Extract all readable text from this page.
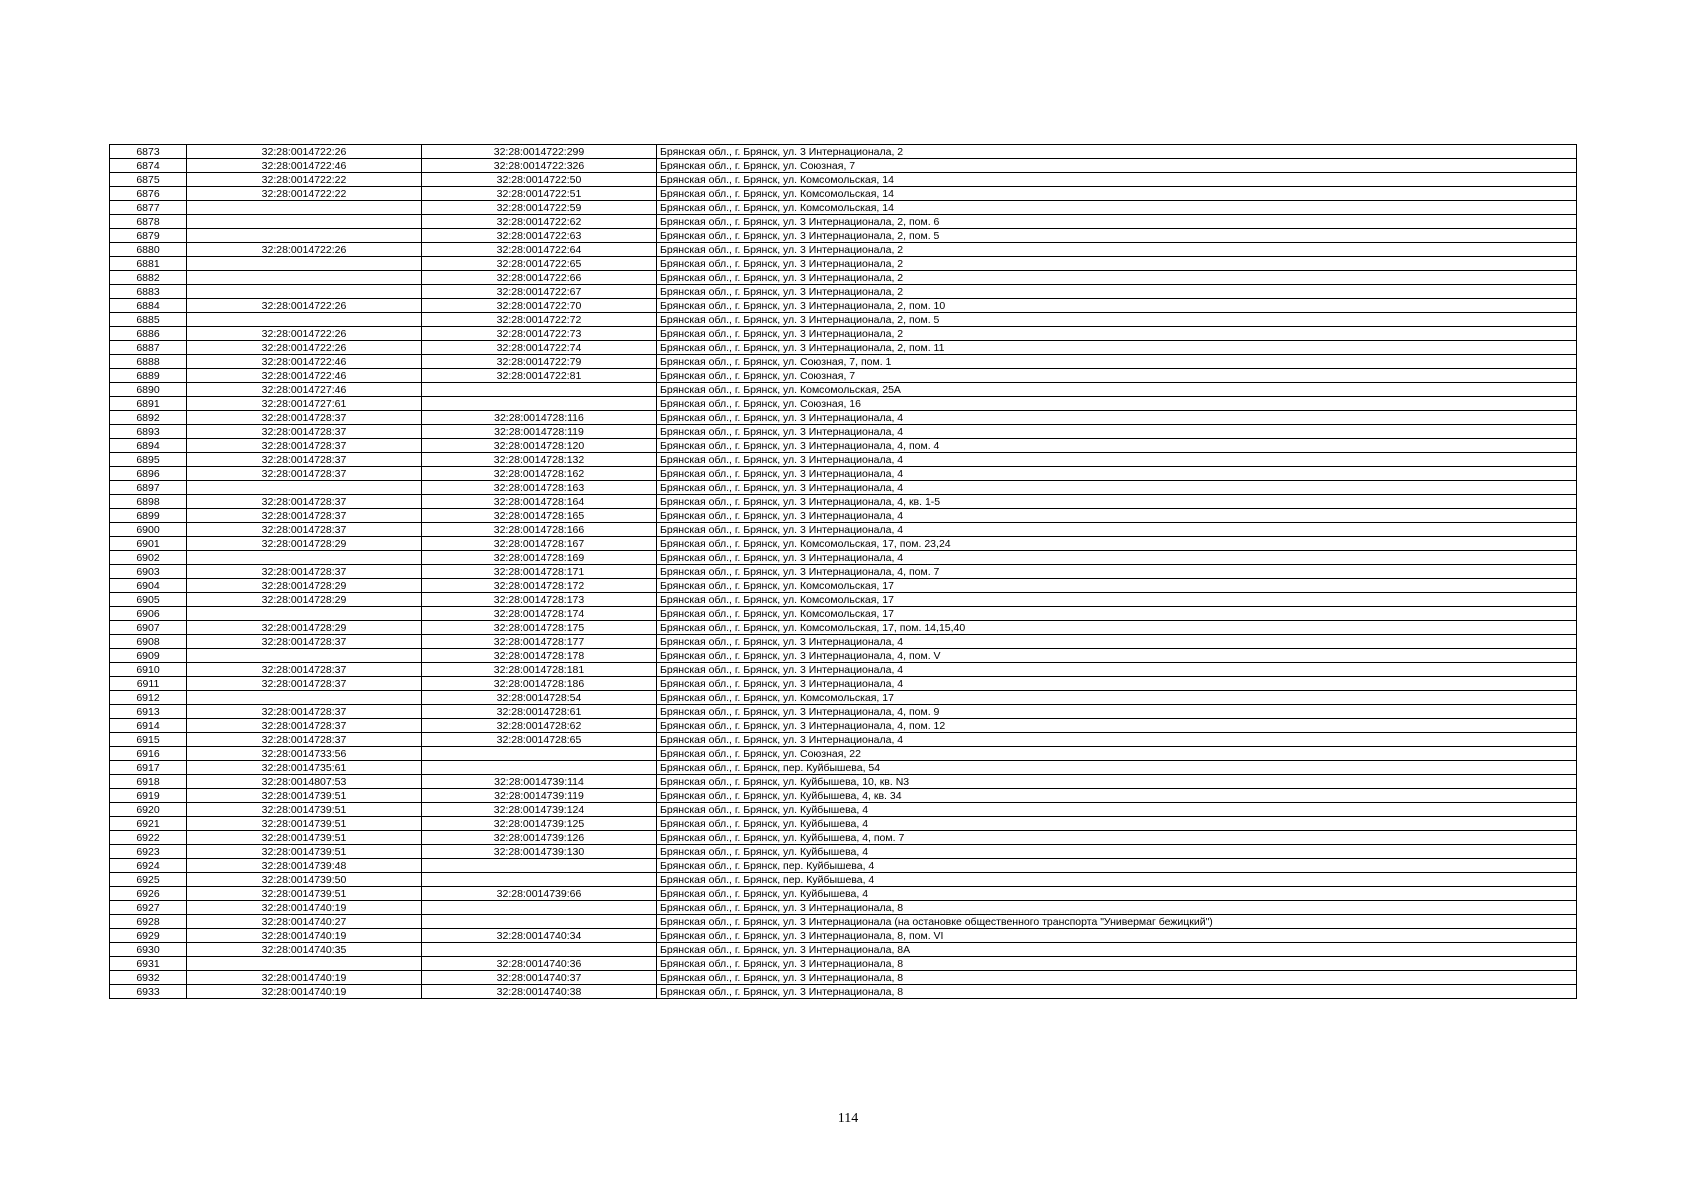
6873	32:28:0014722:26	32:28:0014722:299	Брянская обл., г. Брянск, ул. 3 Интернационала, 2
6874	32:28:0014722:46	32:28:0014722:326	Брянская обл., г. Брянск, ул. Союзная, 7
6875	32:28:0014722:22	32:28:0014722:50	Брянская обл., г. Брянск, ул. Комсомольская, 14
6876	32:28:0014722:22	32:28:0014722:51	Брянская обл., г. Брянск, ул. Комсомольская, 14
6877		32:28:0014722:59	Брянская обл., г. Брянск, ул. Комсомольская, 14
6878		32:28:0014722:62	Брянская обл., г. Брянск, ул. 3 Интернационала, 2, пом. 6
6879		32:28:0014722:63	Брянская обл., г. Брянск, ул. 3 Интернационала, 2, пом. 5
6880	32:28:0014722:26	32:28:0014722:64	Брянская обл., г. Брянск, ул. 3 Интернационала, 2
6881		32:28:0014722:65	Брянская обл., г. Брянск, ул. 3 Интернационала, 2
6882		32:28:0014722:66	Брянская обл., г. Брянск, ул. 3 Интернационала, 2
6883		32:28:0014722:67	Брянская обл., г. Брянск, ул. 3 Интернационала, 2
6884	32:28:0014722:26	32:28:0014722:70	Брянская обл., г. Брянск, ул. 3 Интернационала, 2, пом. 10
6885		32:28:0014722:72	Брянская обл., г. Брянск, ул. 3 Интернационала, 2, пом. 5
6886	32:28:0014722:26	32:28:0014722:73	Брянская обл., г. Брянск, ул. 3 Интернационала, 2
6887	32:28:0014722:26	32:28:0014722:74	Брянская обл., г. Брянск, ул. 3 Интернационала, 2, пом. 11
6888	32:28:0014722:46	32:28:0014722:79	Брянская обл., г. Брянск, ул. Союзная, 7, пом. 1
6889	32:28:0014722:46	32:28:0014722:81	Брянская обл., г. Брянск, ул. Союзная, 7
6890	32:28:0014727:46		Брянская обл., г. Брянск, ул. Комсомольская, 25А
6891	32:28:0014727:61		Брянская обл., г. Брянск, ул. Союзная, 16
6892	32:28:0014728:37	32:28:0014728:116	Брянская обл., г. Брянск, ул. 3 Интернационала, 4
6893	32:28:0014728:37	32:28:0014728:119	Брянская обл., г. Брянск, ул. 3 Интернационала, 4
6894	32:28:0014728:37	32:28:0014728:120	Брянская обл., г. Брянск, ул. 3 Интернационала, 4, пом. 4
6895	32:28:0014728:37	32:28:0014728:132	Брянская обл., г. Брянск, ул. 3 Интернационала, 4
6896	32:28:0014728:37	32:28:0014728:162	Брянская обл., г. Брянск, ул. 3 Интернационала, 4
6897		32:28:0014728:163	Брянская обл., г. Брянск, ул. 3 Интернационала, 4
6898	32:28:0014728:37	32:28:0014728:164	Брянская обл., г. Брянск, ул. 3 Интернационала, 4, кв. 1-5
6899	32:28:0014728:37	32:28:0014728:165	Брянская обл., г. Брянск, ул. 3 Интернационала, 4
6900	32:28:0014728:37	32:28:0014728:166	Брянская обл., г. Брянск, ул. 3 Интернационала, 4
6901	32:28:0014728:29	32:28:0014728:167	Брянская обл., г. Брянск, ул. Комсомольская, 17, пом. 23,24
6902		32:28:0014728:169	Брянская обл., г. Брянск, ул. 3 Интернационала, 4
6903	32:28:0014728:37	32:28:0014728:171	Брянская обл., г. Брянск, ул. 3 Интернационала, 4, пом. 7
6904	32:28:0014728:29	32:28:0014728:172	Брянская обл., г. Брянск, ул. Комсомольская, 17
6905	32:28:0014728:29	32:28:0014728:173	Брянская обл., г. Брянск, ул. Комсомольская, 17
6906		32:28:0014728:174	Брянская обл., г. Брянск, ул. Комсомольская, 17
6907	32:28:0014728:29	32:28:0014728:175	Брянская обл., г. Брянск, ул. Комсомольская, 17, пом. 14,15,40
6908	32:28:0014728:37	32:28:0014728:177	Брянская обл., г. Брянск, ул. 3 Интернационала, 4
6909		32:28:0014728:178	Брянская обл., г. Брянск, ул. 3 Интернационала, 4, пом. V
6910	32:28:0014728:37	32:28:0014728:181	Брянская обл., г. Брянск, ул. 3 Интернационала, 4
6911	32:28:0014728:37	32:28:0014728:186	Брянская обл., г. Брянск, ул. 3 Интернационала, 4
6912		32:28:0014728:54	Брянская обл., г. Брянск, ул. Комсомольская, 17
6913	32:28:0014728:37	32:28:0014728:61	Брянская обл., г. Брянск, ул. 3 Интернационала, 4, пом. 9
6914	32:28:0014728:37	32:28:0014728:62	Брянская обл., г. Брянск, ул. 3 Интернационала, 4, пом. 12
6915	32:28:0014728:37	32:28:0014728:65	Брянская обл., г. Брянск, ул. 3 Интернационала, 4
6916	32:28:0014733:56		Брянская обл., г. Брянск, ул. Союзная, 22
6917	32:28:0014735:61		Брянская обл., г. Брянск, пер. Куйбышева, 54
6918	32:28:0014807:53	32:28:0014739:114	Брянская обл., г. Брянск, ул. Куйбышева, 10, кв. N3
6919	32:28:0014739:51	32:28:0014739:119	Брянская обл., г. Брянск, ул. Куйбышева, 4, кв. 34
6920	32:28:0014739:51	32:28:0014739:124	Брянская обл., г. Брянск, ул. Куйбышева, 4
6921	32:28:0014739:51	32:28:0014739:125	Брянская обл., г. Брянск, ул. Куйбышева, 4
6922	32:28:0014739:51	32:28:0014739:126	Брянская обл., г. Брянск, ул. Куйбышева, 4, пом. 7
6923	32:28:0014739:51	32:28:0014739:130	Брянская обл., г. Брянск, ул. Куйбышева, 4
6924	32:28:0014739:48		Брянская обл., г. Брянск, пер. Куйбышева, 4
6925	32:28:0014739:50		Брянская обл., г. Брянск, пер. Куйбышева, 4
6926	32:28:0014739:51	32:28:0014739:66	Брянская обл., г. Брянск, ул. Куйбышева, 4
6927	32:28:0014740:19		Брянская обл., г. Брянск, ул. 3 Интернационала, 8
6928	32:28:0014740:27		Брянская обл., г. Брянск, ул. 3 Интернационала (на остановке общественного транспорта "Универмаг бежицкий")
6929	32:28:0014740:19	32:28:0014740:34	Брянская обл., г. Брянск, ул. 3 Интернационала, 8, пом. VI
6930	32:28:0014740:35		Брянская обл., г. Брянск, ул. 3 Интернационала, 8А
6931		32:28:0014740:36	Брянская обл., г. Брянск, ул. 3 Интернационала, 8
6932	32:28:0014740:19	32:28:0014740:37	Брянская обл., г. Брянск, ул. 3 Интернационала, 8
6933	32:28:0014740:19	32:28:0014740:38	Брянская обл., г. Брянск, ул. 3 Интернационала, 8
114
